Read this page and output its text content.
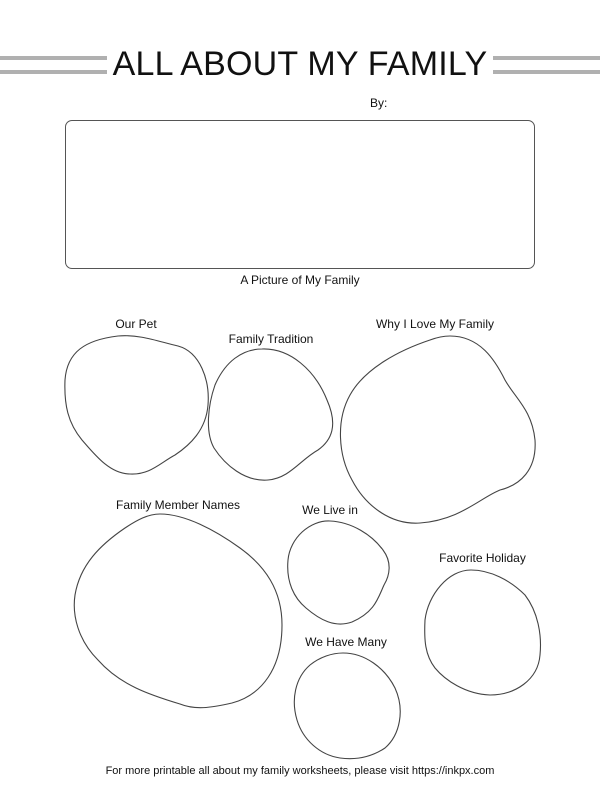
ALL ABOUT MY FAMILY
By:
A Picture of My Family
Our Pet
Family Tradition
Why I Love My Family
Family Member Names	We Live in
Favorite Holiday
We Have Many
For more printable all about my family worksheets, please visit https://inkpx.com
